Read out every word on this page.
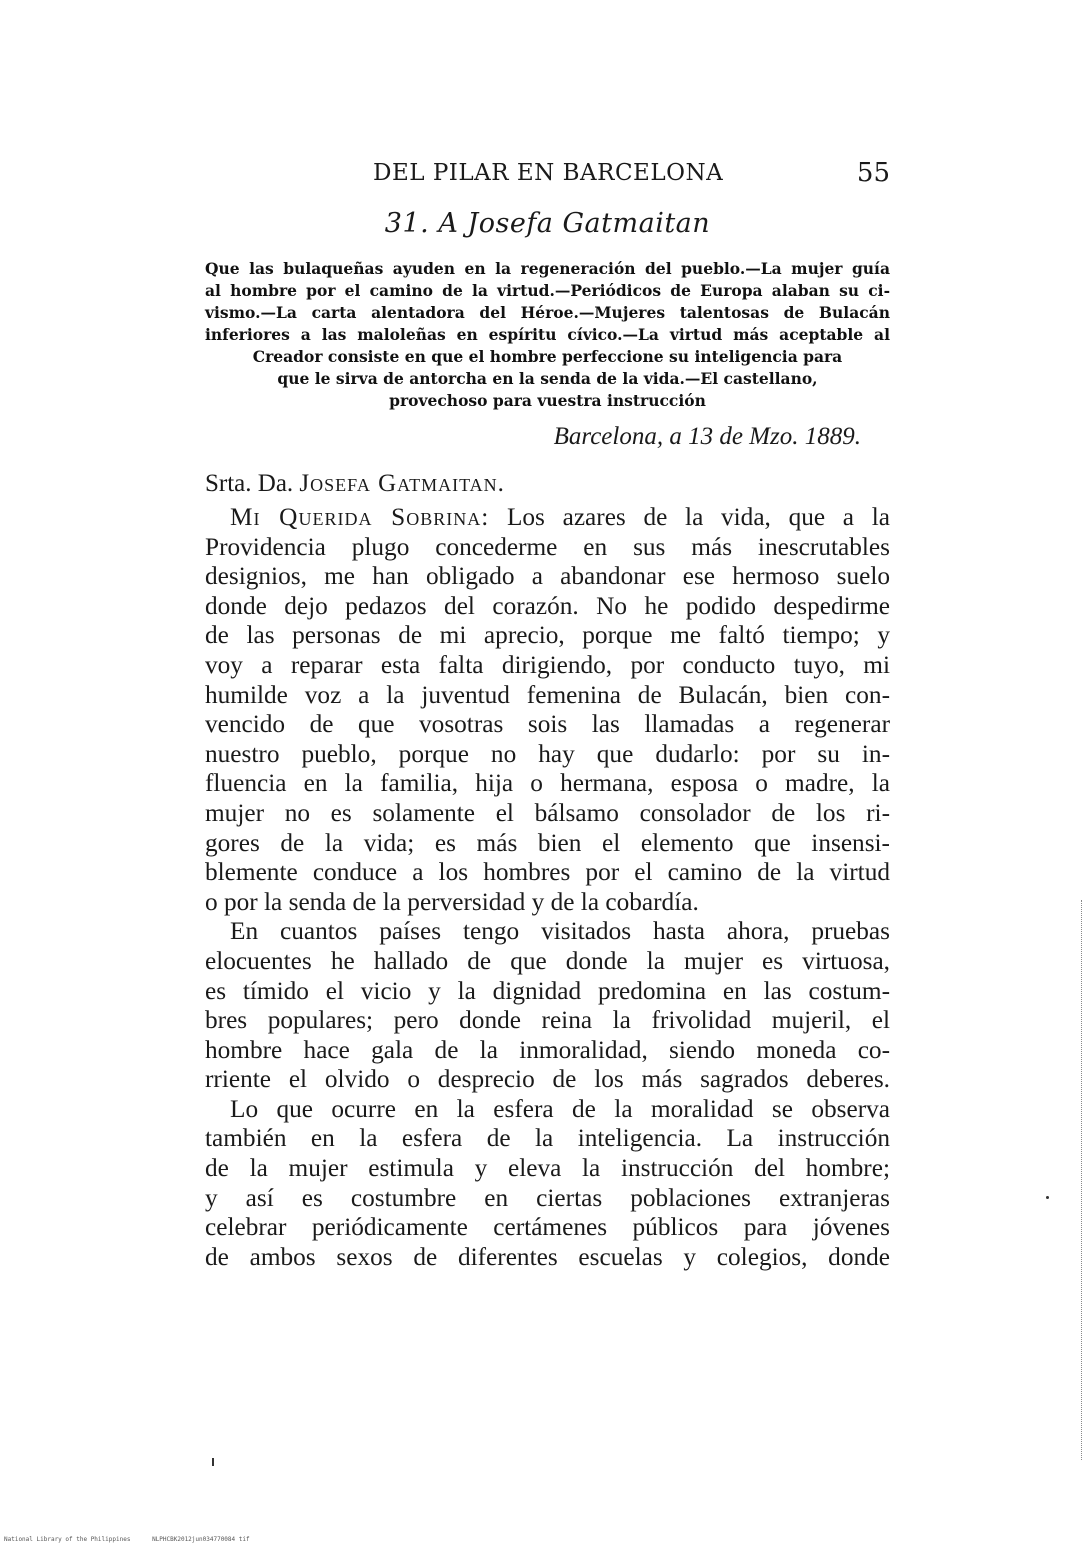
DEL PILAR EN BARCELONA	55
31. A Josefa Gatmaitan
Que las bulaqueñas ayuden en la regeneración del pueblo.—La mujer guía
al hombre por el camino de la virtud.—Periódicos de Europa alaban su ci-
vismo.—La carta alentadora del Héroe.—Mujeres talentosas de Bulacán
inferiores a las maloleñas en espíritu cívico.—La virtud más aceptable al
Creador consiste en que el hombre perfeccione su inteligencia para
que le sirva de antorcha en la senda de la vida.—El castellano,
provechoso para vuestra instrucción
Barcelona, a 13 de Mzo. 1889.
Srta. Da. Josefa Gatmaitan.
Mi Querida Sobrina: Los azares de la vida, que a la
Providencia plugo concederme en sus más inescrutables
designios, me han obligado a abandonar ese hermoso suelo
donde dejo pedazos del corazón. No he podido despedirme
de las personas de mi aprecio, porque me faltó tiempo; y
voy a reparar esta falta dirigiendo, por conducto tuyo, mi
humilde voz a la juventud femenina de Bulacán, bien con-
vencido de que vosotras sois las llamadas a regenerar
nuestro pueblo, porque no hay que dudarlo: por su in-
fluencia en la familia, hija o hermana, esposa o madre, la
mujer no es solamente el bálsamo consolador de los ri-
gores de la vida; es más bien el elemento que insensi-
blemente conduce a los hombres por el camino de la virtud
o por la senda de la perversidad y de la cobardía.
En cuantos países tengo visitados hasta ahora, pruebas
elocuentes he hallado de que donde la mujer es virtuosa,
es tímido el vicio y la dignidad predomina en las costum-
bres populares; pero donde reina la frivolidad mujeril, el
hombre hace gala de la inmoralidad, siendo moneda co-
rriente el olvido o desprecio de los más sagrados deberes.
Lo que ocurre en la esfera de la moralidad se observa
también en la esfera de la inteligencia. La instrucción
de la mujer estimula y eleva la instrucción del hombre;
y así es costumbre en ciertas poblaciones extranjeras
celebrar periódicamente certámenes públicos para jóvenes
de ambos sexos de diferentes escuelas y colegios, donde
National Library of the Philippines	NLPHCBK2012jun034770084 tif
